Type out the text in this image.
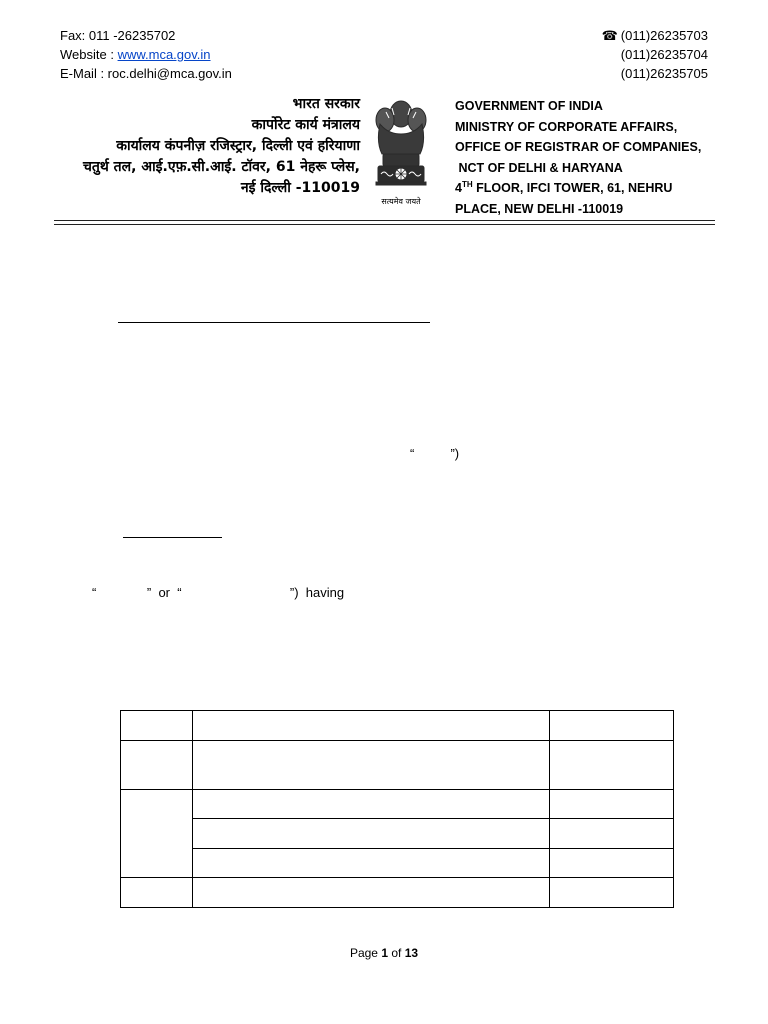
Fax: 011 -26235702
Website : www.mca.gov.in
E-Mail : roc.delhi@mca.gov.in
☎ (011)26235703
(011)26235704
(011)26235705
भारत सरकार
कार्पोरेट कार्य मंत्रालय
कार्यालय कंपनीज़ रजिस्ट्रार, दिल्ली एवं हरियाणा
चतुर्थ तल, आई.एफ़.सी.आई. टॉवर, 61 नेहरू प्लेस,
नई दिल्ली -110019
सत्यमेव जयते
GOVERNMENT OF INDIA
MINISTRY OF CORPORATE AFFAIRS,
OFFICE OF REGISTRAR OF COMPANIES,
NCT OF DELHI & HARYANA
4TH FLOOR, IFCI TOWER, 61, NEHRU
PLACE, NEW DELHI -110019
“          ”)
“              ”  or  “                              ”)  having

Page 1 of 13
